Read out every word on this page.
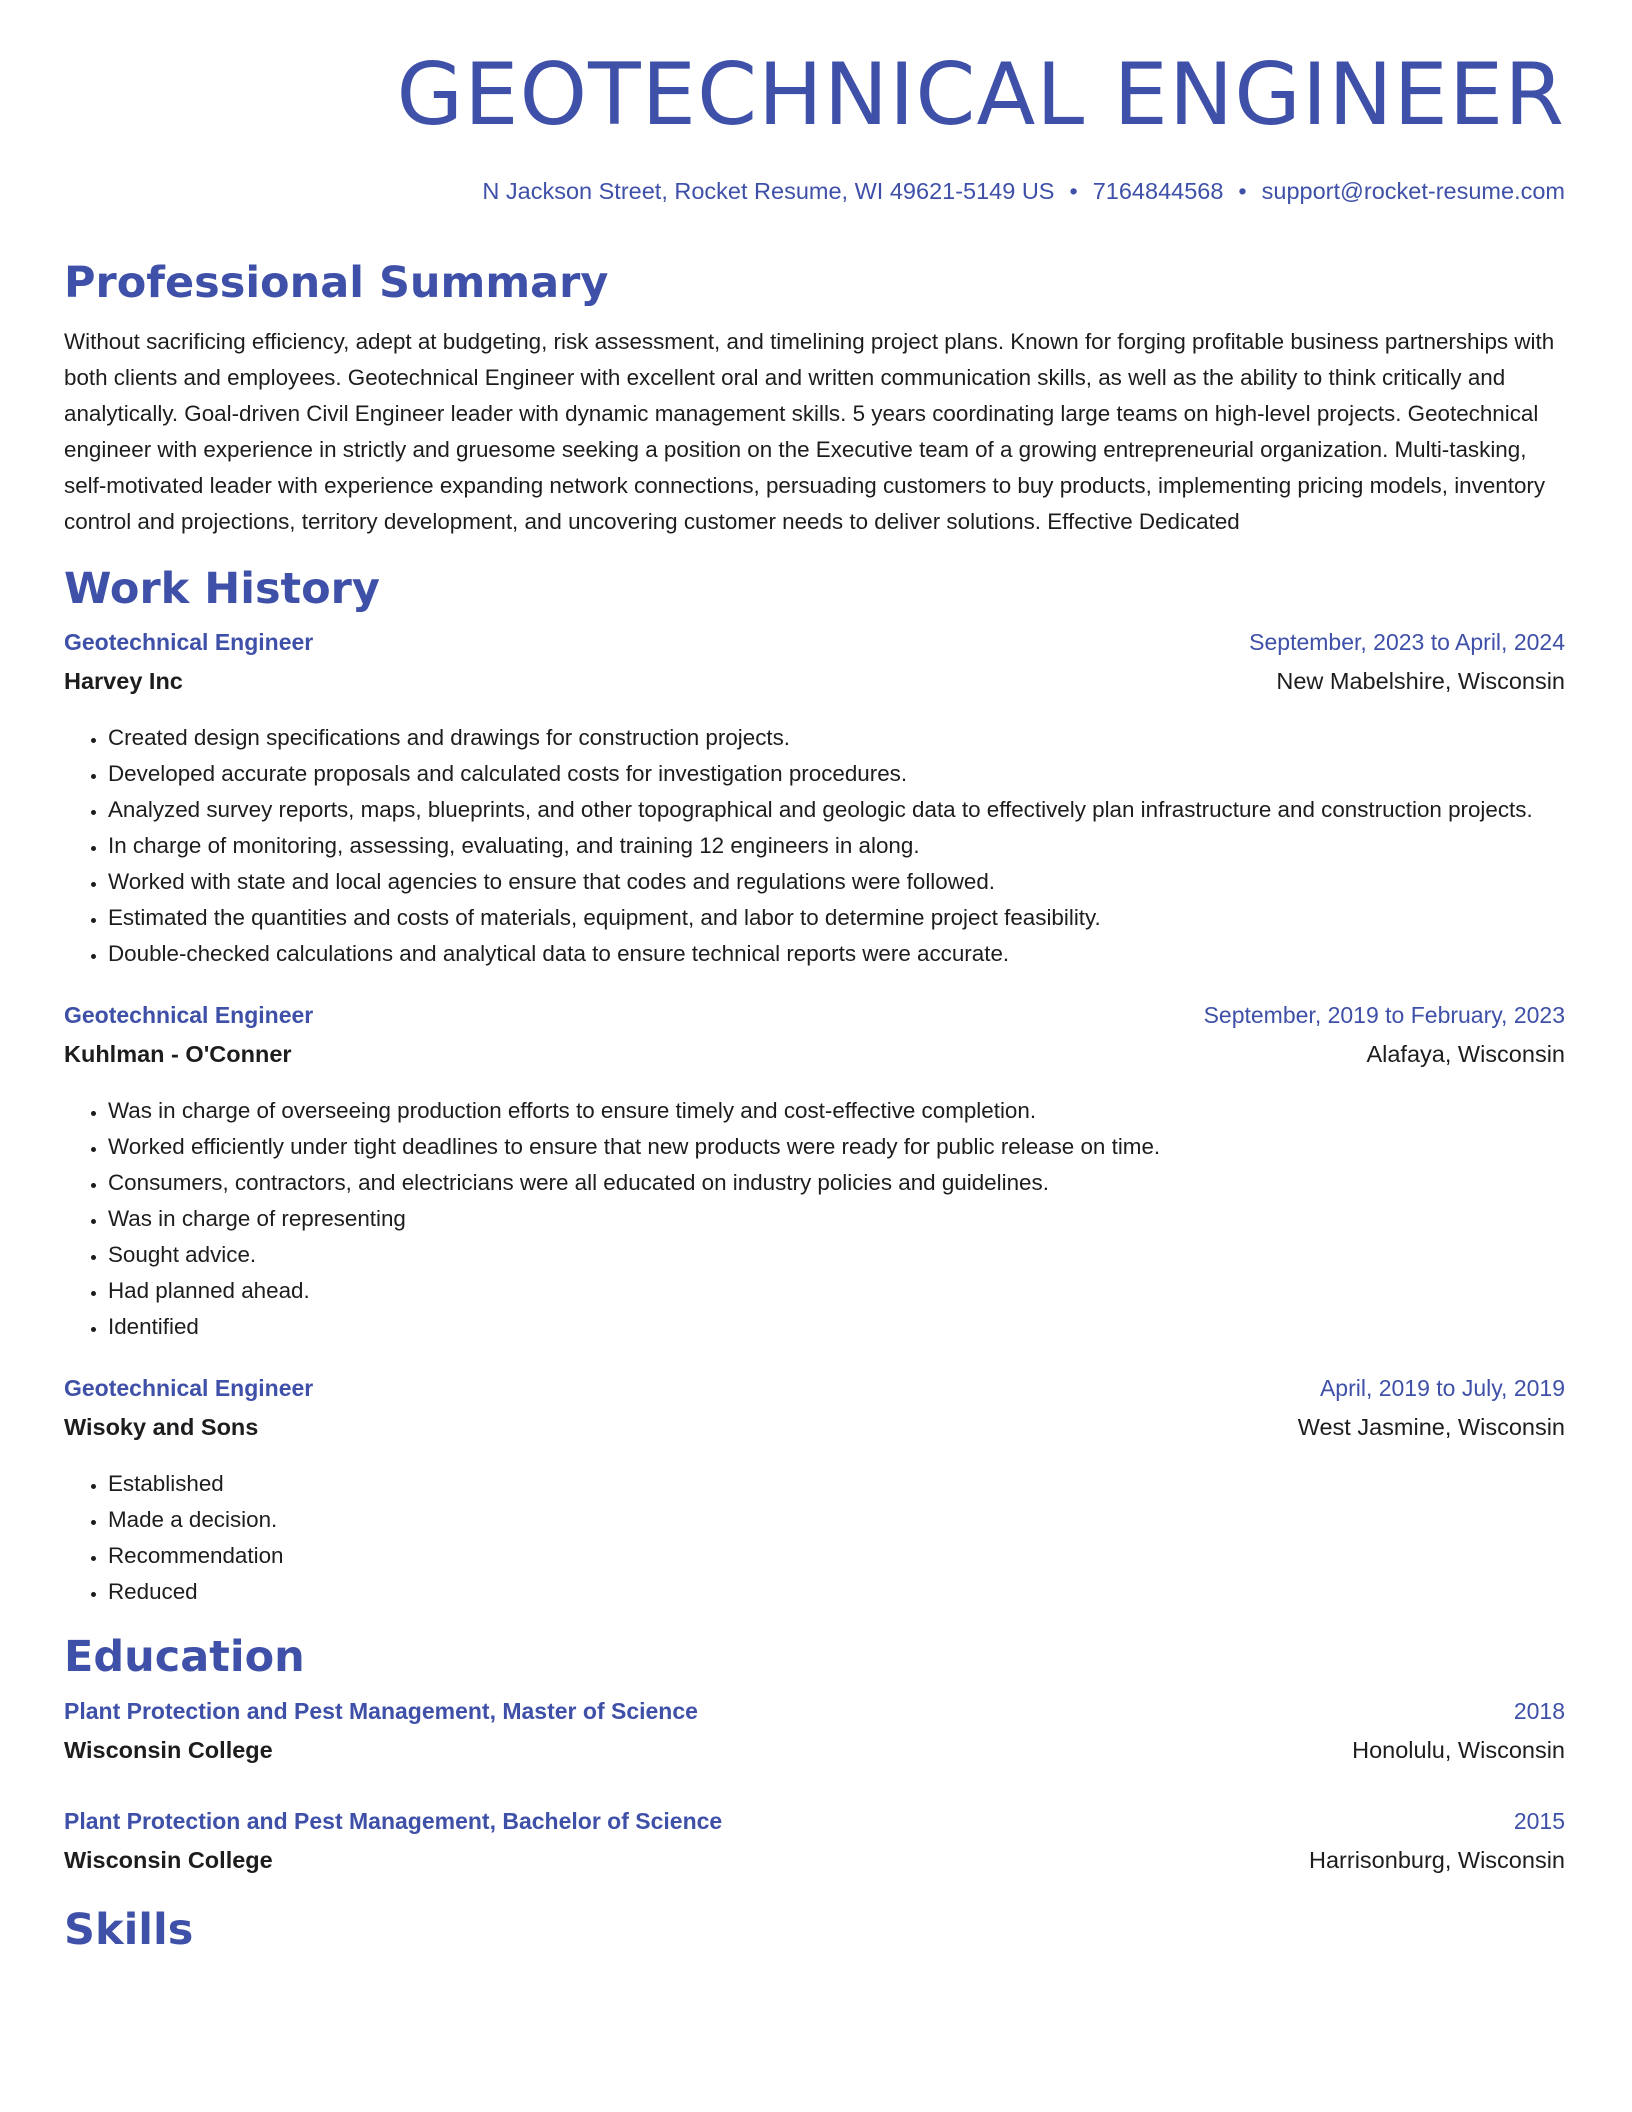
GEOTECHNICAL ENGINEER
N Jackson Street, Rocket Resume, WI 49621-5149 US • 7164844568 • support@rocket-resume.com
Professional Summary

Without sacrificing efficiency, adept at budgeting, risk assessment, and timelining project plans. Known for forging profitable business partnerships with both clients and employees. Geotechnical Engineer with excellent oral and written communication skills, as well as the ability to think critically and analytically. Goal-driven Civil Engineer leader with dynamic management skills. 5 years coordinating large teams on high-level projects. Geotechnical engineer with experience in strictly and gruesome seeking a position on the Executive team of a growing entrepreneurial organization. Multi-tasking, self-motivated leader with experience expanding network connections, persuading customers to buy products, implementing pricing models, inventory control and projections, territory development, and uncovering customer needs to deliver solutions. Effective Dedicated

Work History
Geotechnical Engineer	September, 2023 to April, 2024
Harvey Inc	New Mabelshire, Wisconsin
• Created design specifications and drawings for construction projects.
• Developed accurate proposals and calculated costs for investigation procedures.
• Analyzed survey reports, maps, blueprints, and other topographical and geologic data to effectively plan infrastructure and construction projects.
• In charge of monitoring, assessing, evaluating, and training 12 engineers in along.
• Worked with state and local agencies to ensure that codes and regulations were followed.
• Estimated the quantities and costs of materials, equipment, and labor to determine project feasibility.
• Double-checked calculations and analytical data to ensure technical reports were accurate.
Geotechnical Engineer	September, 2019 to February, 2023
Kuhlman - O'Conner	Alafaya, Wisconsin
• Was in charge of overseeing production efforts to ensure timely and cost-effective completion.
• Worked efficiently under tight deadlines to ensure that new products were ready for public release on time.
• Consumers, contractors, and electricians were all educated on industry policies and guidelines.
• Was in charge of representing
• Sought advice.
• Had planned ahead.
• Identified
Geotechnical Engineer	April, 2019 to July, 2019
Wisoky and Sons	West Jasmine, Wisconsin
• Established
• Made a decision.
• Recommendation
• Reduced
Education
Plant Protection and Pest Management, Master of Science	2018
Wisconsin College	Honolulu, Wisconsin
Plant Protection and Pest Management, Bachelor of Science	2015
Wisconsin College	Harrisonburg, Wisconsin
Skills
